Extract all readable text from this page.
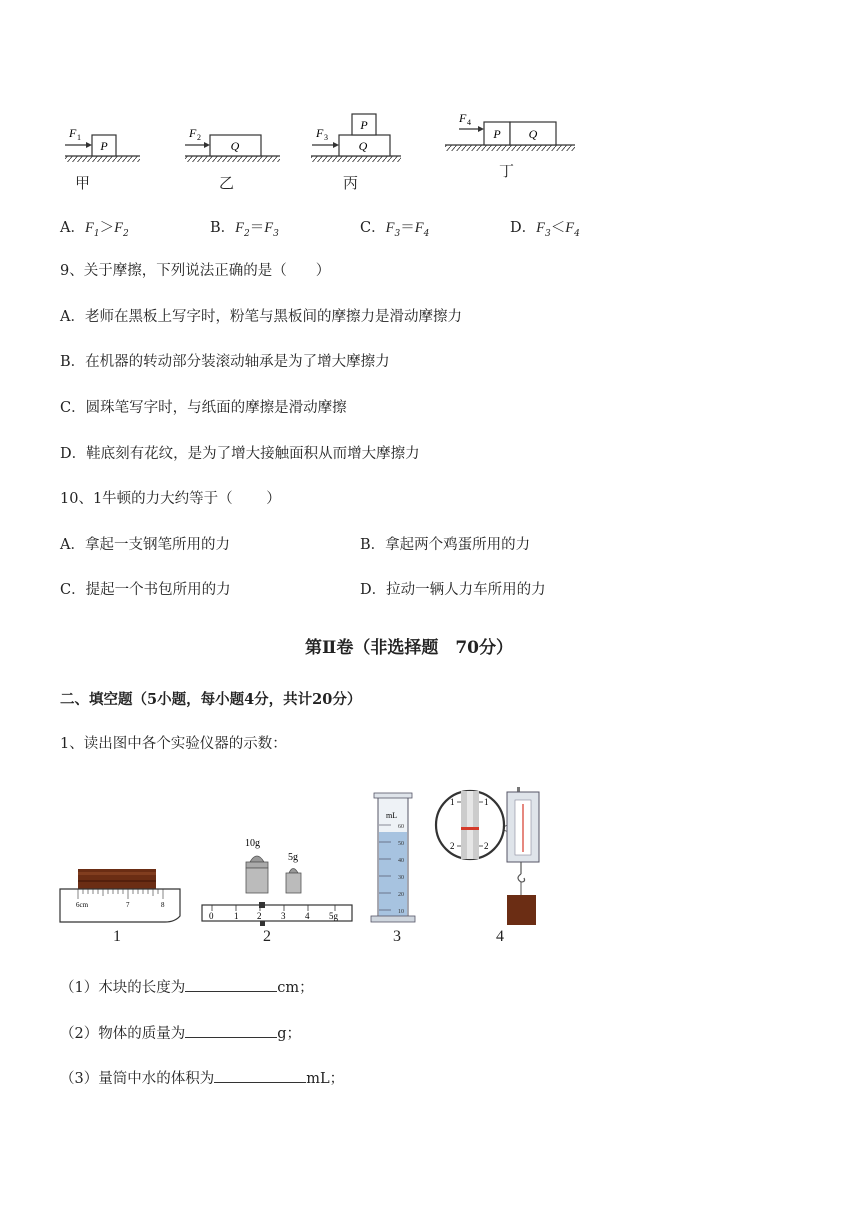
P
F 1
Q
F 2
Q
P
F 3	P Q
F 4
甲	乙	丙
丁
A．$F_1>F_2$	B．$F_2=F_3$	C．$F_3=F_4$	D．$F_3<F_4$
9、关于摩擦，下列说法正确的是（　　）
A．老师在黑板上写字时，粉笔与黑板间的摩擦力是滑动摩擦力
B．在机器的转动部分装滚动轴承是为了增大摩擦力
C．圆珠笔写字时，与纸面的摩擦是滑动摩擦
D．鞋底刻有花纹，是为了增大接触面积从而增大摩擦力
10、1牛顿的力大约等于（　　 ）
A．拿起一支钢笔所用的力	B．拿起两个鸡蛋所用的力
C．提起一个书包所用的力	D．拉动一辆人力车所用的力
第Ⅱ卷（非选择题　70分）
二、填空题（5小题，每小题4分，共计20分）
1、读出图中各个实验仪器的示数：
6cm	7	8
0 1 2 3 4 5g
10g
5g
mL
60
50
40
30
20
10
1	1
2	2
1	2	3	4
（1）木块的长度为	cm；
（2）物体的质量为	g；
（3）量筒中水的体积为	mL；
